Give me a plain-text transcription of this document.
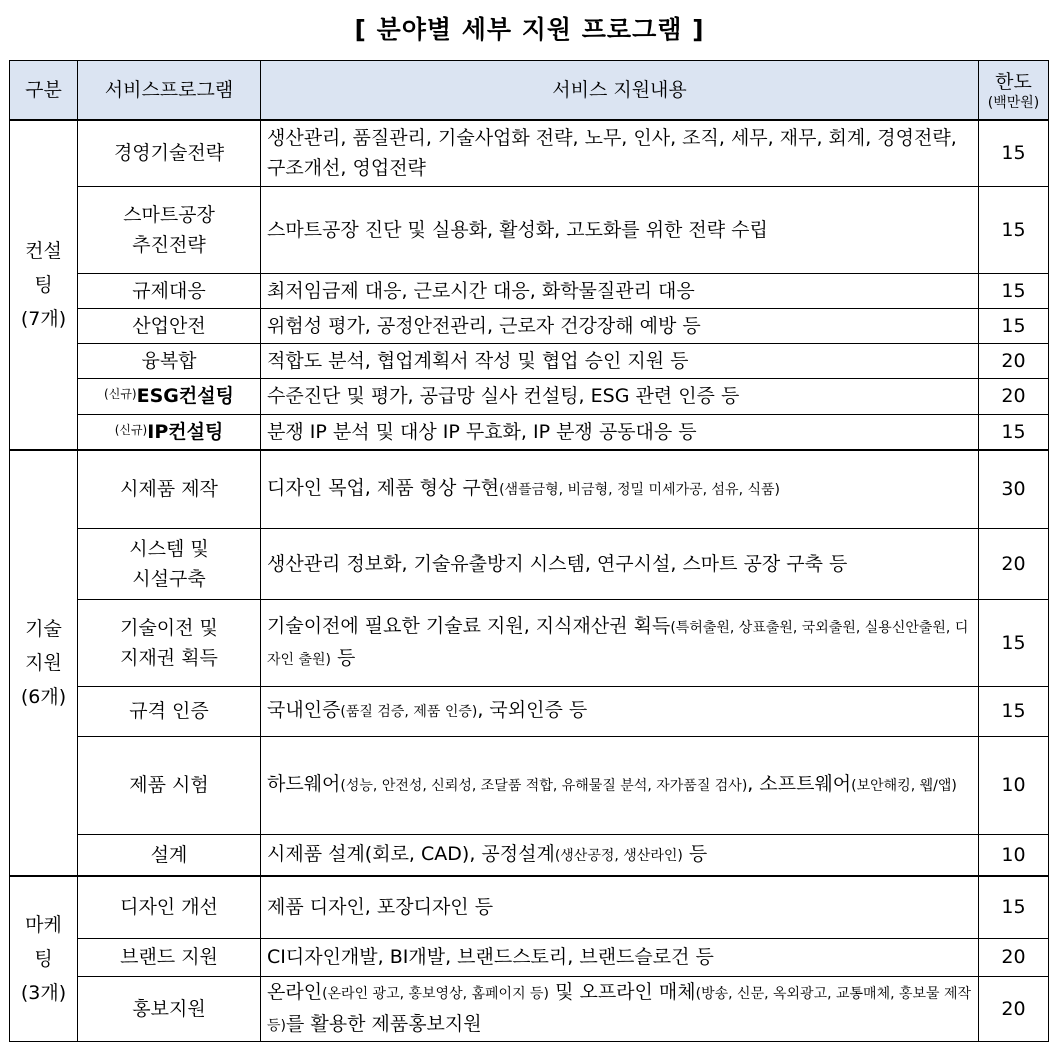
[ 분야별 세부 지원 프로그램 ]
구분	서비스프로그램	서비스 지원내용	한도
(백만원)

컨설팅
(7개)	경영기술전략	생산관리, 품질관리, 기술사업화 전략, 노무, 인사, 조직, 세무, 재무, 회계, 경영전략, 구조개선, 영업전략	15

	스마트공장
추진전략	스마트공장 진단 및 실용화, 활성화, 고도화를 위한 전략 수립	15
	규제대응	최저임금제 대응, 근로시간 대응, 화학물질관리 대응	15
	산업안전	위험성 평가, 공정안전관리, 근로자 건강장해 예방 등	15
	융복합	적합도 분석, 협업계획서 작성 및 협업 승인 지원 등	20
	$^{(신규)}$ESG컨설팅	수준진단 및 평가, 공급망 실사 컨설팅, ESG 관련 인증 등	20
	$^{(신규)}$IP컨설팅	분쟁 IP 분석 및 대상 IP 무효화, IP 분쟁 공동대응 등	15

기술
지원
(6개)	시제품 제작	디자인 목업, 제품 형상 구현(샘플금형, 비금형, 정밀 미세가공, 섬유, 식품)	30

	시스템 및
시설구축	생산관리 정보화, 기술유출방지 시스템, 연구시설, 스마트 공장 구축 등	20

	기술이전 및
지재권 획득	기술이전에 필요한 기술료 지원, 지식재산권 획득(특허출원, 상표출원, 국외출원, 실용신안출원, 디자인 출원) 등	15
	규격 인증	국내인증(품질 검증, 제품 인증), 국외인증 등	15
	제품 시험	하드웨어(성능, 안전성, 신뢰성, 조달품 적합, 유해물질 분석, 자가품질 검사), 소프트웨어(보안해킹, 웹/앱)	10
	설계	시제품 설계(회로, CAD), 공정설계(생산공정, 생산라인) 등	10

마케팅
(3개)	디자인 개선	제품 디자인, 포장디자인 등	15
	브랜드 지원	CI디자인개발, BI개발, 브랜드스토리, 브랜드슬로건 등	20
	홍보지원	온라인(온라인 광고, 홍보영상, 홈페이지 등) 및 오프라인 매체(방송, 신문, 옥외광고, 교통매체, 홍보물 제작 등)를 활용한 제품홍보지원	20
